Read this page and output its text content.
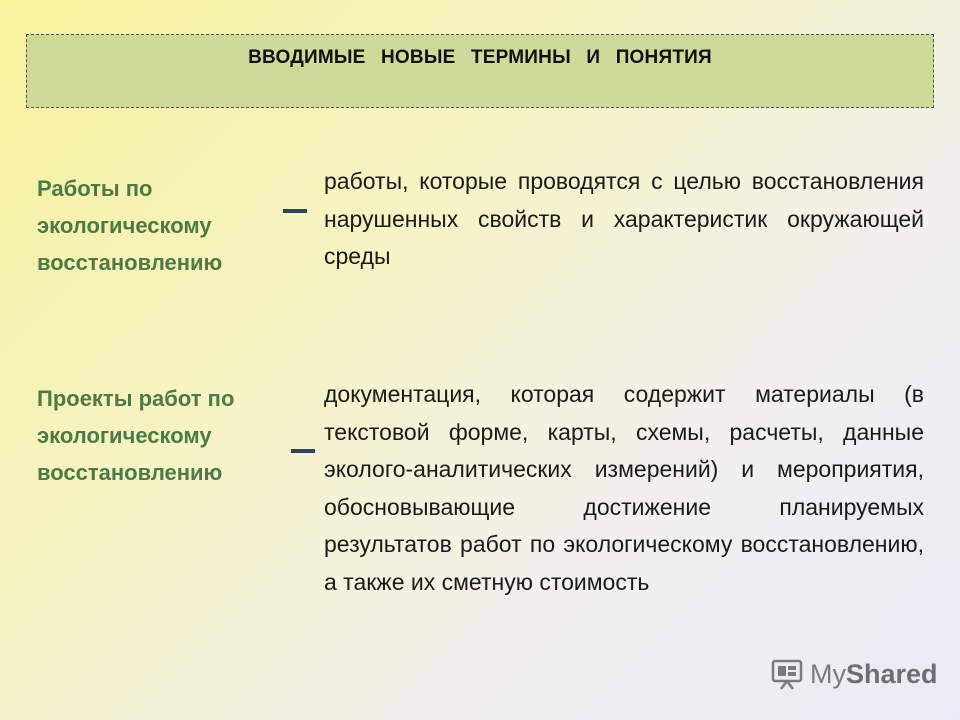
ВВОДИМЫЕ НОВЫЕ ТЕРМИНЫ И ПОНЯТИЯ
Работы по экологическому восстановлению
работы, которые проводятся с целью восстановления нарушенных свойств и характеристик окружающей среды
Проекты работ по экологическому восстановлению
документация, которая содержит материалы (в текстовой форме, карты, схемы, расчеты, данные эколого-аналитических измерений) и мероприятия, обосновывающие достижение планируемых результатов работ по экологическому восстановлению, а также их сметную стоимость
MyShared
